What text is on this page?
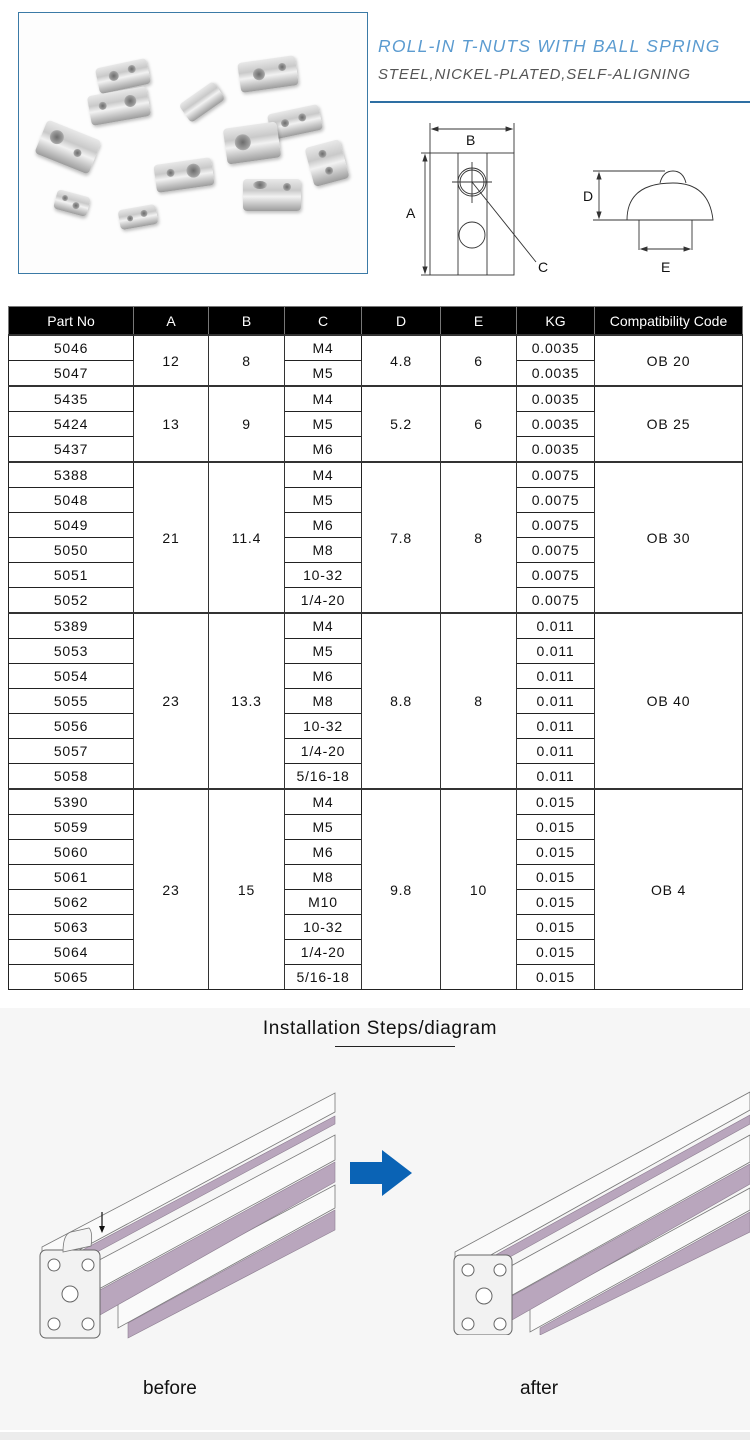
ROLL-IN T-NUTS WITH BALL SPRING
STEEL,NICKEL-PLATED,SELF-ALIGNING
B
A
C
D
E
Part No	A	B	C	D	E	KG	Compatibility Code
5046	12	8	M4	4.8	6	0.0035	OB 20
5047			M5			0.0035	
5435	13	9	M4	5.2	6	0.0035	OB 25
5424			M5			0.0035	
5437			M6			0.0035	
5388	21	11.4	M4	7.8	8	0.0075	OB 30
5048			M5			0.0075	
5049			M6			0.0075	
5050			M8			0.0075	
5051			10-32			0.0075	
5052			1/4-20			0.0075	
5389	23	13.3	M4	8.8	8	0.011	OB 40
5053			M5			0.011	
5054			M6			0.011	
5055			M8			0.011	
5056			10-32			0.011	
5057			1/4-20			0.011	
5058			5/16-18			0.011	
5390	23	15	M4	9.8	10	0.015	OB 4
5059			M5			0.015	
5060			M6			0.015	
5061			M8			0.015	
5062			M10			0.015	
5063			10-32			0.015	
5064			1/4-20			0.015	
5065			5/16-18			0.015	
Installation Steps/diagram
before	after
